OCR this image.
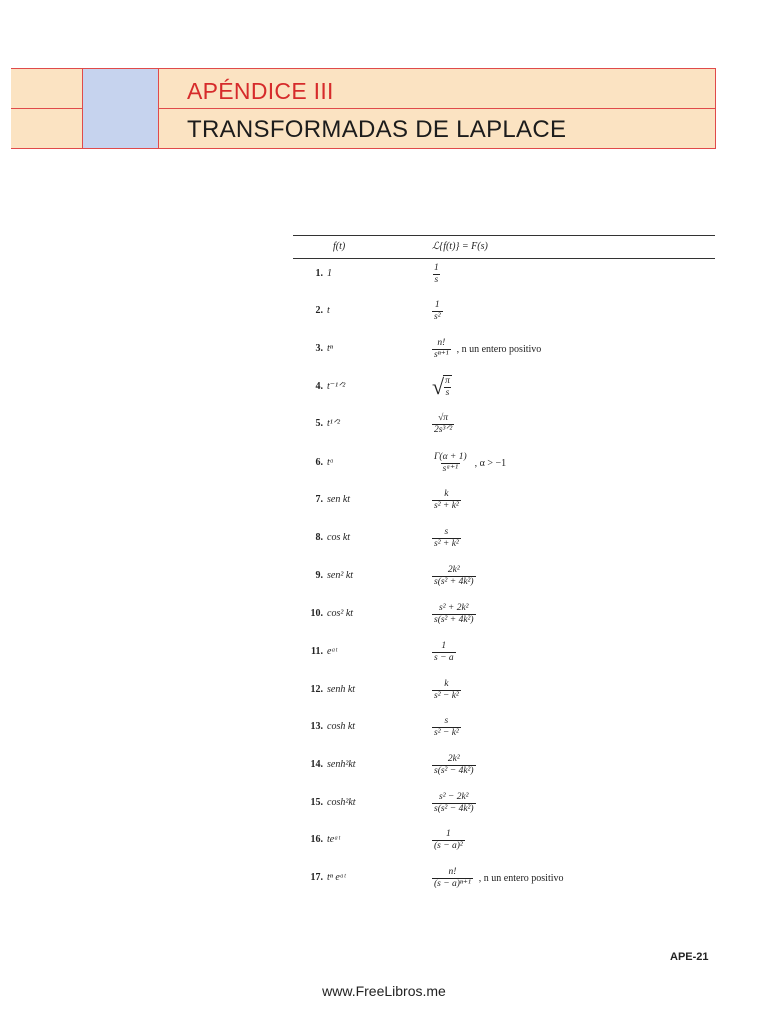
APÉNDICE III
TRANSFORMADAS DE LAPLACE
f(t)	ℒ{f(t)} = F(s)
1. 1	$\frac{1}{s}$
2. t	$\frac{1}{\text{s²}}$
3. tⁿ	$\frac{n!}{\text{sⁿ⁺¹}}$ , n un entero positivo
4. t⁻¹ᐟ²	√ $\frac{\pi}{s}$
5. t¹ᐟ²	$\frac{√\pi}{\text{2s³ᐟ²}}$
6. tᵅ	$\frac{\Gamma(\alpha + 1)}{\text{sᵅ⁺¹}}$ , α > −1
7. sen kt	$\frac{k}{\text{s² + k²}}$
8. cos kt	$\frac{s}{\text{s² + k²}}$
9. sen² kt	$\frac{\text{2k²}}{\text{s(s² + 4k²)}}$
10. cos² kt	$\frac{\text{s² + 2k²}}{\text{s(s² + 4k²)}}$
11. eᵃᵗ	$\frac{1}{s - a}$
12. senh kt	$\frac{k}{\text{s² − k²}}$
13. cosh kt	$\frac{s}{\text{s² − k²}}$
14. senh²kt	$\frac{\text{2k²}}{\text{s(s² − 4k²)}}$
15. cosh²kt	$\frac{\text{s² − 2k²}}{\text{s(s² − 4k²)}}$
16. teᵃᵗ	$\frac{1}{\text{(s − a)²}}$
17. tⁿ eᵃᵗ	$\frac{n!}{\text{(s − a)ⁿ⁺¹}}$ , n un entero positivo
APE-21
www.FreeLibros.me
